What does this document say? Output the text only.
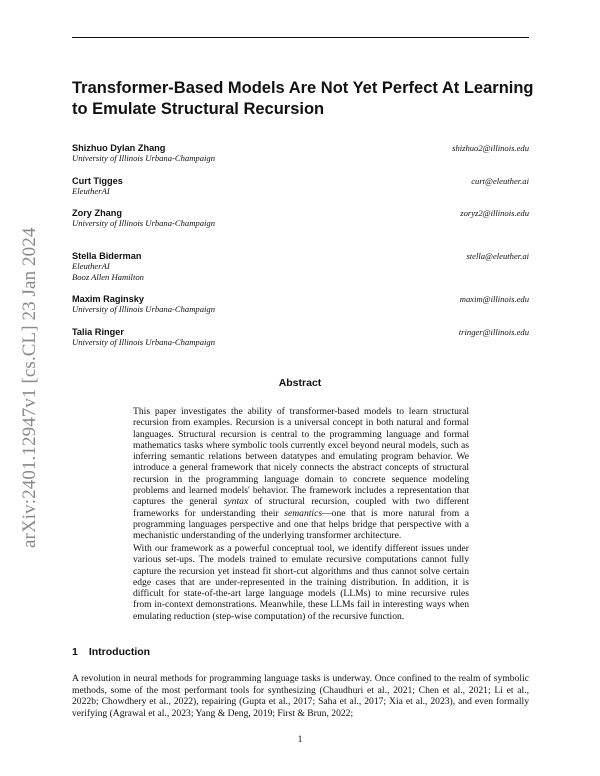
arXiv:2401.12947v1 [cs.CL] 23 Jan 2024
Transformer-Based Models Are Not Yet Perfect At Learning to Emulate Structural Recursion
Shizhuo Dylan Zhang	shizhuo2@illinois.edu
University of Illinois Urbana-Champaign
Curt Tigges	curt@eleuther.ai
EleutherAI
Zory Zhang	zoryz2@illinois.edu
University of Illinois Urbana-Champaign
Stella Biderman	stella@eleuther.ai
EleutherAI
Booz Allen Hamilton
Maxim Raginsky	maxim@illinois.edu
University of Illinois Urbana-Champaign
Talia Ringer	tringer@illinois.edu
University of Illinois Urbana-Champaign
Abstract

This paper investigates the ability of transformer-based models to learn structural recursion from examples. Recursion is a universal concept in both natural and formal languages. Structural recursion is central to the programming language and formal mathematics tasks where symbolic tools currently excel beyond neural models, such as inferring semantic relations between datatypes and emulating program behavior. We introduce a general framework that nicely connects the abstract concepts of structural recursion in the programming language domain to concrete sequence modeling problems and learned models' behavior. The framework includes a representation that captures the general syntax of structural recursion, coupled with two different frameworks for understanding their semantics—one that is more natural from a programming languages perspective and one that helps bridge that perspective with a mechanistic understanding of the underlying transformer architecture.

With our framework as a powerful conceptual tool, we identify different issues under various set-ups. The models trained to emulate recursive computations cannot fully capture the recursion yet instead fit short-cut algorithms and thus cannot solve certain edge cases that are under-represented in the training distribution. In addition, it is difficult for state-of-the-art large language models (LLMs) to mine recursive rules from in-context demonstrations. Meanwhile, these LLMs fail in interesting ways when emulating reduction (step-wise computation) of the recursive function.

1 Introduction

A revolution in neural methods for programming language tasks is underway. Once confined to the realm of symbolic methods, some of the most performant tools for synthesizing (Chaudhuri et al., 2021; Chen et al., 2021; Li et al., 2022b; Chowdhery et al., 2022), repairing (Gupta et al., 2017; Saha et al., 2017; Xia et al., 2023), and even formally verifying (Agrawal et al., 2023; Yang & Deng, 2019; First & Brun, 2022;

1
